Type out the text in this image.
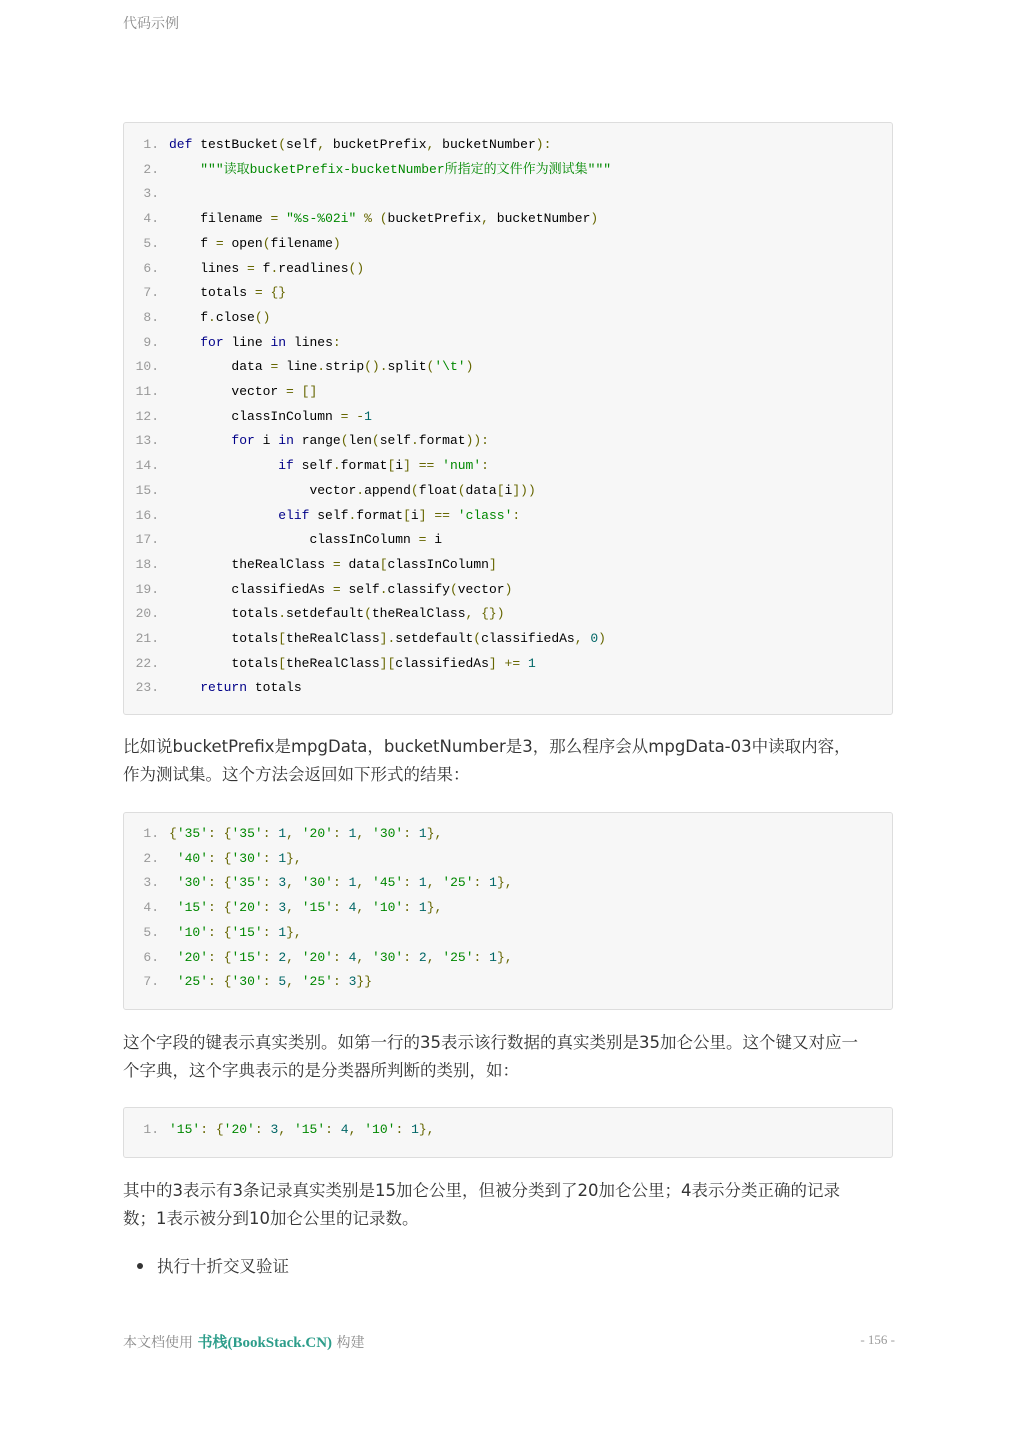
代码示例
1. def testBucket(self, bucketPrefix, bucketNumber):
2.	"""读取bucketPrefix-bucketNumber所指定的文件作为测试集"""
3.
4.	filename = "%s-%02i" % (bucketPrefix, bucketNumber)
5.	f = open(filename)
6.	lines = f.readlines()
7.	totals = {}
8.	f.close()
9.	for line in lines:
10.	data = line.strip().split('\t')
11.	vector = []
12.	classInColumn = -1
13.	for i in range(len(self.format)):
14.	if self.format[i] == 'num':
15.	vector.append(float(data[i]))
16.	elif self.format[i] == 'class':
17.	classInColumn = i
18.	theRealClass = data[classInColumn]
19.	classifiedAs = self.classify(vector)
20.	totals.setdefault(theRealClass, {})
21.	totals[theRealClass].setdefault(classifiedAs, 0)
22.	totals[theRealClass][classifiedAs] += 1
23.	return totals
比如说bucketPrefix是mpgData，bucketNumber是3，那么程序会从mpgData-03中读取内容，
作为测试集。这个方法会返回如下形式的结果：
1. {'35': {'35': 1, '20': 1, '30': 1},
2.	'40': {'30': 1},
3.	'30': {'35': 3, '30': 1, '45': 1, '25': 1},
4.	'15': {'20': 3, '15': 4, '10': 1},
5.	'10': {'15': 1},
6.	'20': {'15': 2, '20': 4, '30': 2, '25': 1},
7.	'25': {'30': 5, '25': 3}}
这个字段的键表示真实类别。如第一行的35表示该行数据的真实类别是35加仑公里。这个键又对应一
个字典，这个字典表示的是分类器所判断的类别，如：
1. '15': {'20': 3, '15': 4, '10': 1},
其中的3表示有3条记录真实类别是15加仑公里，但被分类到了20加仑公里；4表示分类正确的记录
数；1表示被分到10加仑公里的记录数。
执行十折交叉验证
本文档使用 书栈(BookStack.CN) 构建	- 156 -
